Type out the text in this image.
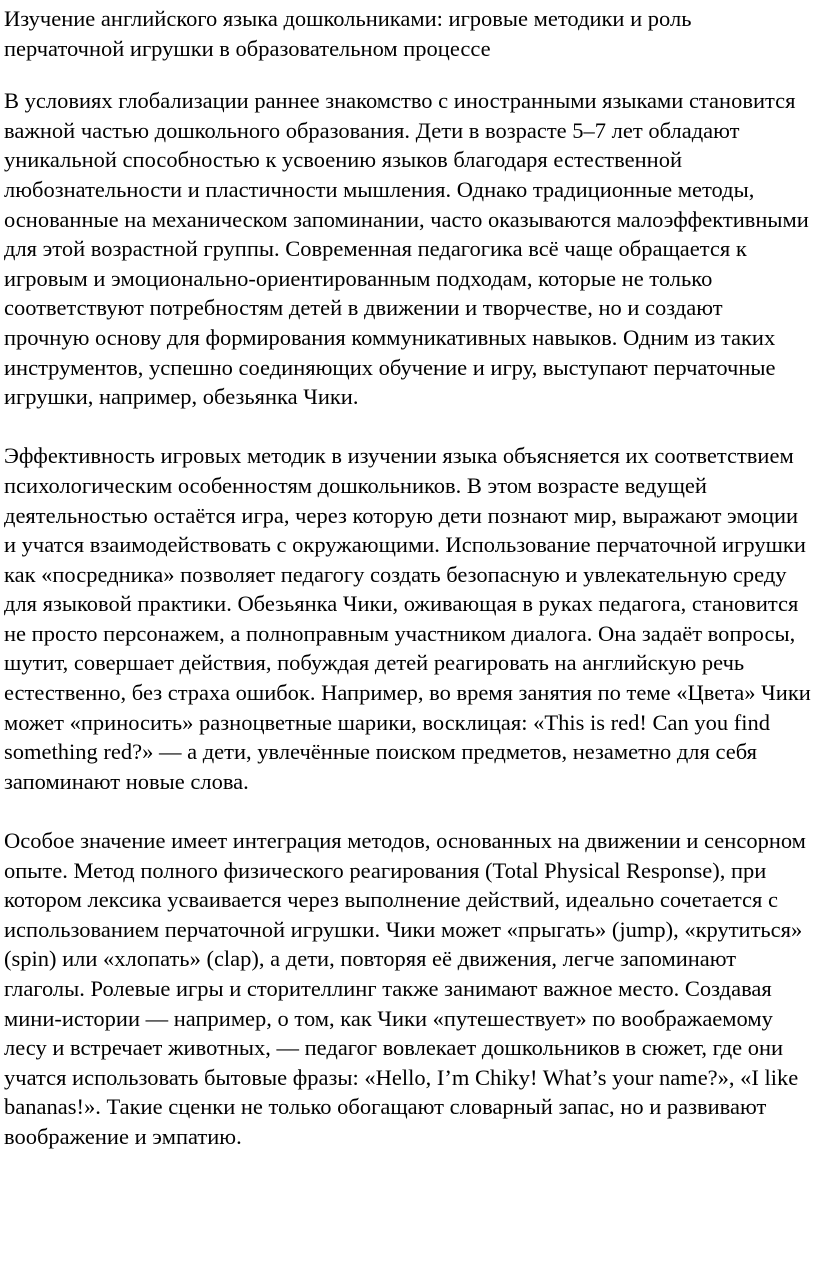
Изучение английского языка дошкольниками: игровые методики и роль перчаточной игрушки в образовательном процессе

В условиях глобализации раннее знакомство с иностранными языками становится важной частью дошкольного образования. Дети в возрасте 5–7 лет обладают уникальной способностью к усвоению языков благодаря естественной любознательности и пластичности мышления. Однако традиционные методы, основанные на механическом запоминании, часто оказываются малоэффективными для этой возрастной группы. Современная педагогика всё чаще обращается к игровым и эмоционально-ориентированным подходам, которые не только соответствуют потребностям детей в движении и творчестве, но и создают прочную основу для формирования коммуникативных навыков. Одним из таких инструментов, успешно соединяющих обучение и игру, выступают перчаточные игрушки, например, обезьянка Чики.

Эффективность игровых методик в изучении языка объясняется их соответствием психологическим особенностям дошкольников. В этом возрасте ведущей деятельностью остаётся игра, через которую дети познают мир, выражают эмоции и учатся взаимодействовать с окружающими. Использование перчаточной игрушки как «посредника» позволяет педагогу создать безопасную и увлекательную среду для языковой практики. Обезьянка Чики, оживающая в руках педагога, становится не просто персонажем, а полноправным участником диалога. Она задаёт вопросы, шутит, совершает действия, побуждая детей реагировать на английскую речь естественно, без страха ошибок. Например, во время занятия по теме «Цвета» Чики может «приносить» разноцветные шарики, восклицая: «This is red! Can you find something red?» — а дети, увлечённые поиском предметов, незаметно для себя запоминают новые слова.

Особое значение имеет интеграция методов, основанных на движении и сенсорном опыте. Метод полного физического реагирования (Total Physical Response), при котором лексика усваивается через выполнение действий, идеально сочетается с использованием перчаточной игрушки. Чики может «прыгать» (jump), «крутиться» (spin) или «хлопать» (clap), а дети, повторяя её движения, легче запоминают глаголы. Ролевые игры и сторителлинг также занимают важное место. Создавая мини-истории — например, о том, как Чики «путешествует» по воображаемому лесу и встречает животных, — педагог вовлекает дошкольников в сюжет, где они учатся использовать бытовые фразы: «Hello, I’m Chiky! What’s your name?», «I like bananas!». Такие сценки не только обогащают словарный запас, но и развивают воображение и эмпатию.
